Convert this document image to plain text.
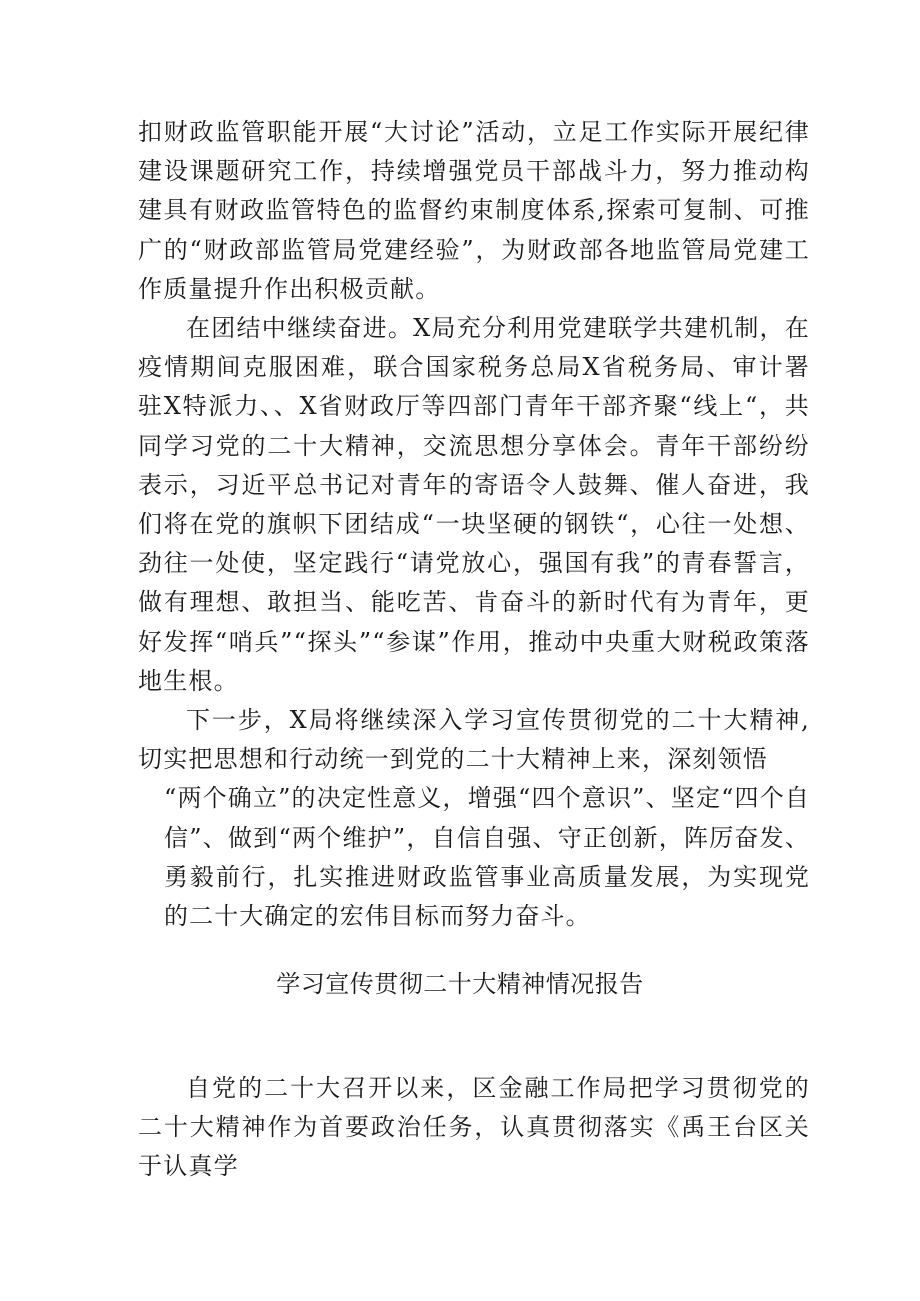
扣财政监管职能开展“大讨论”活动，立足工作实际开展纪律建设课题研究工作，持续增强党员干部战斗力，努力推动构建具有财政监管特色的监督约束制度体系,探索可复制、可推广的“财政部监管局党建经验”，为财政部各地监管局党建工作质量提升作出积极贡献。

在团结中继续奋进。X局充分利用党建联学共建机制，在疫情期间克服困难，联合国家税务总局X省税务局、审计署驻X特派力、、X省财政厅等四部门青年干部齐聚“线上“，共同学习党的二十大精神，交流思想分享体会。青年干部纷纷表示，习近平总书记对青年的寄语令人鼓舞、催人奋进，我们将在党的旗帜下团结成“一块坚硬的钢铁“，心往一处想、劲往一处使，坚定践行“请党放心，强国有我”的青春誓言，做有理想、敢担当、能吃苦、肯奋斗的新时代有为青年，更好发挥“哨兵”“探头”“参谋”作用，推动中央重大财税政策落地生根。

下一步，X局将继续深入学习宣传贯彻党的二十大精神,切实把思想和行动统一到党的二十大精神上来，深刻领悟

“两个确立”的决定性意义，增强“四个意识”、坚定“四个自信”、做到“两个维护”，自信自强、守正创新，阵厉奋发、勇毅前行，扎实推进财政监管事业高质量发展，为实现党的二十大确定的宏伟目标而努力奋斗。

学习宣传贯彻二十大精神情况报告

自党的二十大召开以来，区金融工作局把学习贯彻党的二十大精神作为首要政治任务，认真贯彻落实《禹王台区关于认真学
